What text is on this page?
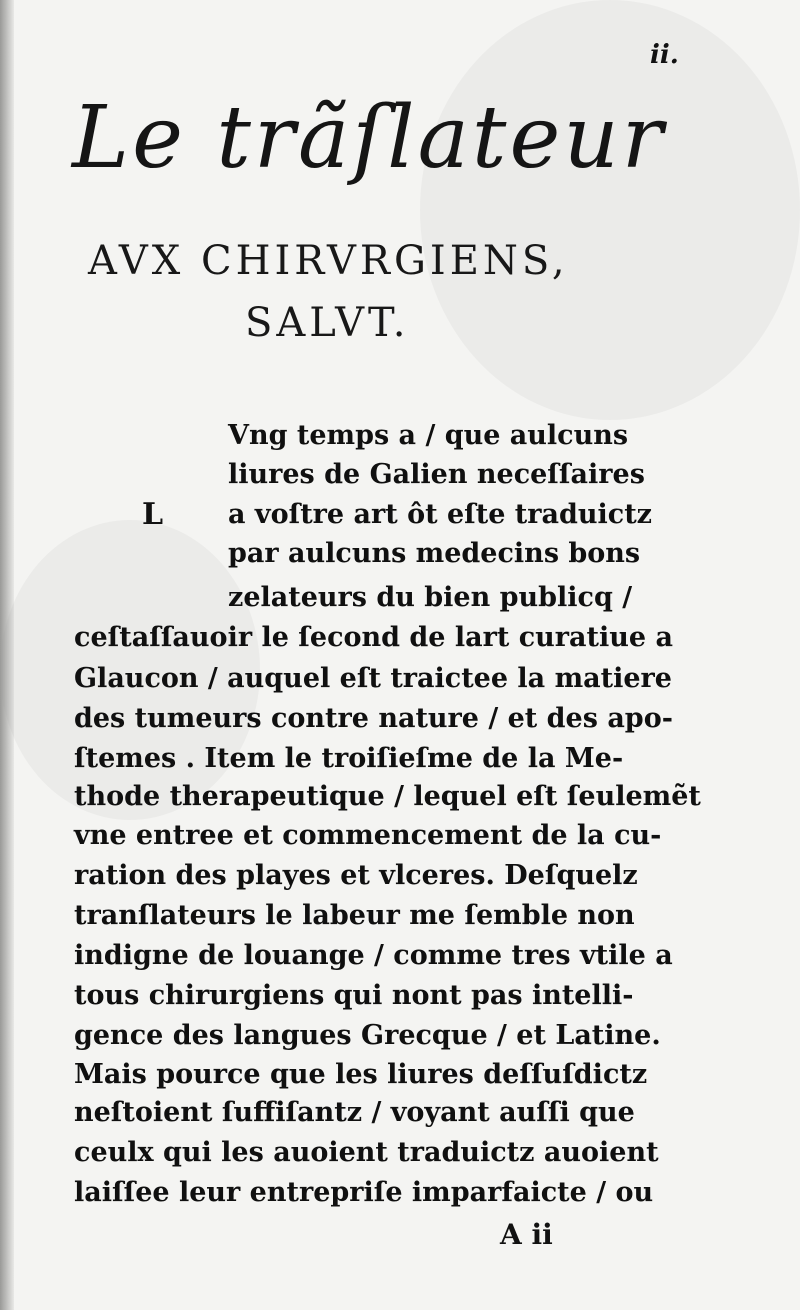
ii.
Le trãſlateur
AVX CHIRVRGIENS,
SALVT.
L
Vng temps a / que aulcuns
liures de Galien neceſſaires
a voſtre art ôt eſte traduictz
par aulcuns medecins bons
zelateurs du bien publicq /
ceſtaſſauoir le ſecond de lart curatiue a
Glaucon / auquel eſt traictee la matiere
des tumeurs contre nature / et des apo-
ſtemes . Item le troiſieſme de la Me-
thode therapeutique / lequel eſt ſeulemẽt
vne entree et commencement de la cu-
ration des playes et vlceres. Deſquelz
tranſlateurs le labeur me ſemble non
indigne de louange / comme tres vtile a
tous chirurgiens qui nont pas intelli-
gence des langues Grecque / et Latine.
Mais pource que les liures deſſuſdictz
neſtoient ſuffiſantz / voyant auſſi que
ceulx qui les auoient traduictz auoient
laiſſee leur entrepriſe imparfaicte / ou
A ii
